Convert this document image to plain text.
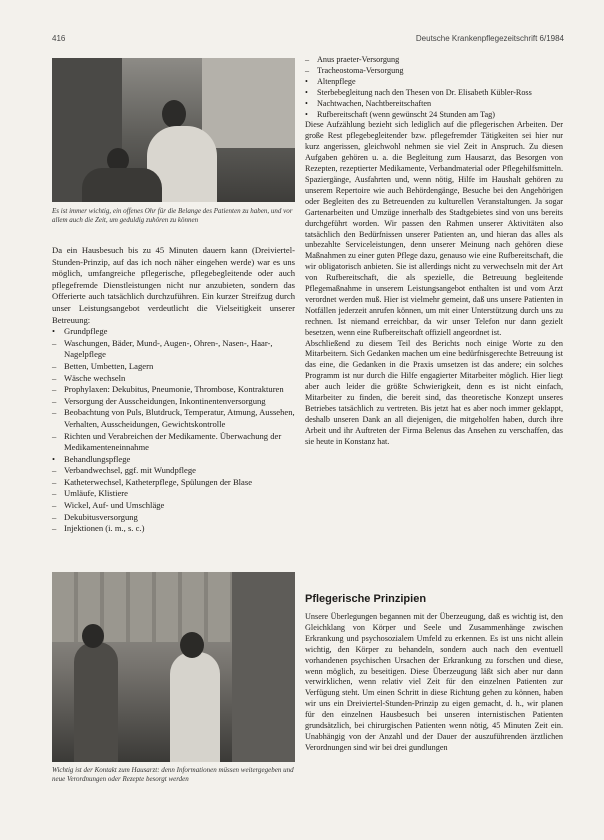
416	Deutsche Krankenpflegezeitschrift 6/1984
Es ist immer wichtig, ein offenes Ohr für die Belange des Patienten zu haben, und vor allem auch die Zeit, um geduldig zuhören zu können

Da ein Hausbesuch bis zu 45 Minuten dauern kann (Dreiviertel-Stunden-Prinzip, auf das ich noch näher eingehen werde) war es uns möglich, umfangreiche pflegerische, pflegebegleitende oder auch pflegefremde Dienstleistungen nicht nur anzubieten, sondern das Offerierte auch tatsächlich durchzuführen. Ein kurzer Streifzug durch unser Leistungsangebot verdeutlicht die Vielseitigkeit unserer Betreuung:

• Grundpflege
– Waschungen, Bäder, Mund-, Augen-, Ohren-, Nasen-, Haar-, Nagelpflege
– Betten, Umbetten, Lagern
– Wäsche wechseln
– Prophylaxen: Dekubitus, Pneumonie, Thrombose, Kontrakturen
– Versorgung der Ausscheidungen, Inkontinentenversorgung
– Beobachtung von Puls, Blutdruck, Temperatur, Atmung, Aussehen, Verhalten, Ausscheidungen, Gewichtskontrolle
– Richten und Verabreichen der Medikamente. Überwachung der Medikamenteneinnahme
• Behandlungspflege
– Verbandwechsel, ggf. mit Wundpflege
– Katheterwechsel, Katheterpflege, Spülungen der Blase
– Umläufe, Klistiere
– Wickel, Auf- und Umschläge
– Dekubitusversorgung
– Injektionen (i. m., s. c.)
Wichtig ist der Kontakt zum Hausarzt: denn Informationen müssen weitergegeben und neue Verordnungen oder Rezepte besorgt werden
– Anus praeter-Versorgung
– Tracheostoma-Versorgung
• Altenpflege
• Sterbebegleitung nach den Thesen von Dr. Elisabeth Kübler-Ross
• Nachtwachen, Nachtbereitschaften
• Rufbereitschaft (wenn gewünscht 24 Stunden am Tag)

Diese Aufzählung bezieht sich lediglich auf die pflegerischen Arbeiten. Der große Rest pflegebegleitender bzw. pflegefremder Tätigkeiten sei hier nur kurz angerissen, gleichwohl nehmen sie viel Zeit in Anspruch. Zu diesen Aufgaben gehören u. a. die Begleitung zum Hausarzt, das Besorgen von Rezepten, rezeptierter Medikamente, Verbandmaterial oder Pflegehilfsmitteln. Spaziergänge, Ausfahrten und, wenn nötig, Hilfe im Haushalt gehören zu unserem Repertoire wie auch Behördengänge, Besuche bei den Angehörigen oder Begleiten des zu Betreuenden zu kulturellen Veranstaltungen. Ja sogar Gartenarbeiten und Umzüge innerhalb des Stadtgebietes sind von uns bereits durchgeführt worden. Wir passen den Rahmen unserer Aktivitäten also tatsächlich den Bedürfnissen unserer Patienten an, und hieran das alles als unbezahlte Serviceleistungen, denn unserer Meinung nach gehören diese Maßnahmen zu einer guten Pflege dazu, genauso wie eine Rufbereitschaft, die wir obligatorisch anbieten. Sie ist allerdings nicht zu verwechseln mit der Art von Rufbereitschaft, die als spezielle, die Betreuung begleitende Pflegemaßnahme in unserem Leistungsangebot enthalten ist und vom Arzt verordnet werden muß. Hier ist vielmehr gemeint, daß uns unsere Patienten in Notfällen jederzeit anrufen können, um mit einer Unterstützung durch uns zu rechnen. Ist niemand erreichbar, da wir unser Telefon nur dann gezielt besetzen, wenn eine Rufbereitschaft offiziell angeordnet ist.

Abschließend zu diesem Teil des Berichts noch einige Worte zu den Mitarbeitern. Sich Gedanken machen um eine bedürfnisgerechte Betreuung ist das eine, die Gedanken in die Praxis umsetzen ist das andere; ein solches Programm ist nur durch die Hilfe engagierter Mitarbeiter möglich. Hier liegt aber auch leider die größte Schwierigkeit, denn es ist nicht einfach, Mitarbeiter zu finden, die bereit sind, das theoretische Konzept unseres Betriebes tatsächlich zu vertreten. Bis jetzt hat es aber noch immer geklappt, deshalb unseren Dank an all diejenigen, die mitgeholfen haben, durch ihre Arbeit und ihr Auftreten der Firma Belenus das Ansehen zu verschaffen, das sie heute in Konstanz hat.

Pflegerische Prinzipien

Unsere Überlegungen begannen mit der Überzeugung, daß es wichtig ist, den Gleichklang von Körper und Seele und Zusammenhänge zwischen Erkrankung und psychosozialem Umfeld zu erkennen. Es ist uns nicht allein wichtig, den Körper zu behandeln, sondern auch nach den eventuell vorhandenen psychischen Ursachen der Erkrankung zu forschen und diese, wenn möglich, zu beseitigen. Diese Überzeugung läßt sich aber nur dann verwirklichen, wenn relativ viel Zeit für den einzelnen Patienten zur Verfügung steht. Um einen Schritt in diese Richtung gehen zu können, haben wir uns ein Dreiviertel-Stunden-Prinzip zu eigen gemacht, d. h., wir planen für den einzelnen Hausbesuch bei unseren internistischen Patienten grundsätzlich, bei chirurgischen Patienten wenn nötig, 45 Minuten Zeit ein. Unabhängig von der Anzahl und der Dauer der auszuführenden ärztlichen Verordnungen sind wir bei drei gundlungen
